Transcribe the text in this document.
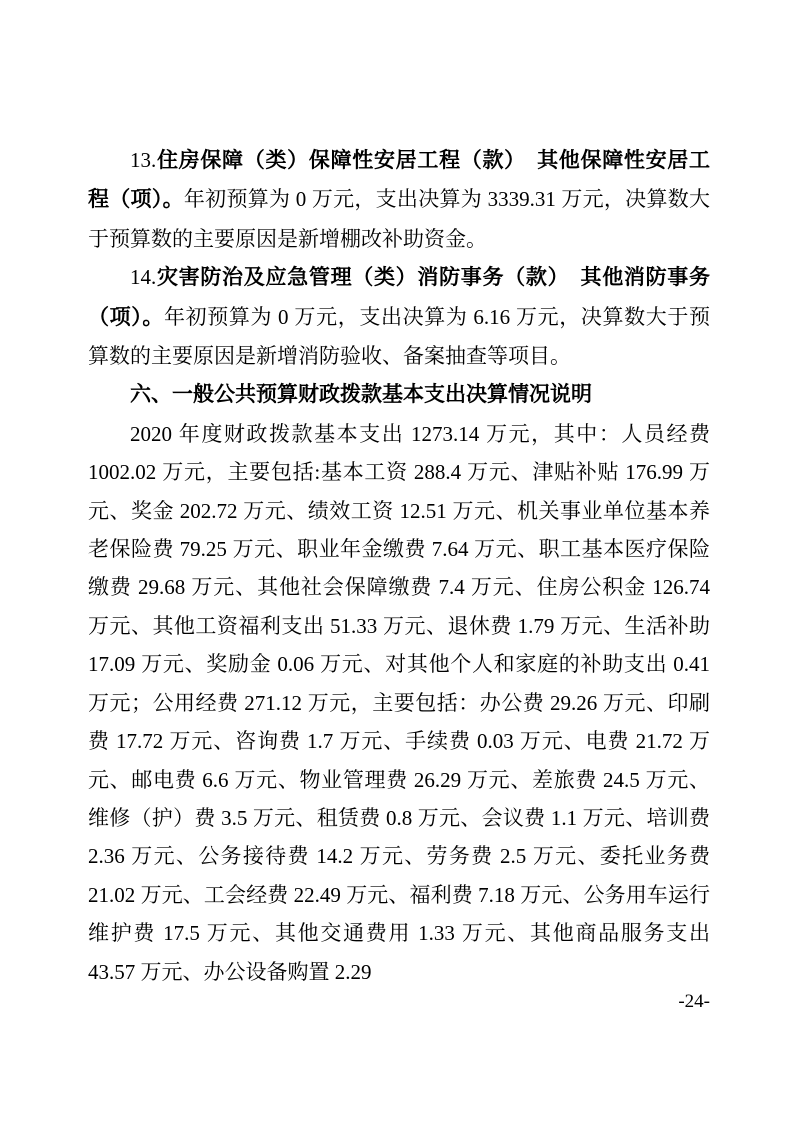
13.住房保障（类）保障性安居工程（款）　其他保障性安居工程（项）。年初预算为 0 万元，支出决算为 3339.31 万元，决算数大于预算数的主要原因是新增棚改补助资金。

14.灾害防治及应急管理（类）消防事务（款）　其他消防事务（项）。年初预算为 0 万元，支出决算为 6.16 万元，决算数大于预算数的主要原因是新增消防验收、备案抽查等项目。

六、一般公共预算财政拨款基本支出决算情况说明

2020 年度财政拨款基本支出 1273.14 万元，其中：人员经费 1002.02 万元，主要包括:基本工资 288.4 万元、津贴补贴 176.99 万元、奖金 202.72 万元、绩效工资 12.51 万元、机关事业单位基本养老保险费 79.25 万元、职业年金缴费 7.64 万元、职工基本医疗保险缴费 29.68 万元、其他社会保障缴费 7.4 万元、住房公积金 126.74 万元、其他工资福利支出 51.33 万元、退休费 1.79 万元、生活补助 17.09 万元、奖励金 0.06 万元、对其他个人和家庭的补助支出 0.41 万元；公用经费 271.12 万元，主要包括：办公费 29.26 万元、印刷费 17.72 万元、咨询费 1.7 万元、手续费 0.03 万元、电费 21.72 万元、邮电费 6.6 万元、物业管理费 26.29 万元、差旅费 24.5 万元、维修（护）费 3.5 万元、租赁费 0.8 万元、会议费 1.1 万元、培训费 2.36 万元、公务接待费 14.2 万元、劳务费 2.5 万元、委托业务费 21.02 万元、工会经费 22.49 万元、福利费 7.18 万元、公务用车运行维护费 17.5 万元、其他交通费用 1.33 万元、其他商品服务支出 43.57 万元、办公设备购置 2.29

-24-
